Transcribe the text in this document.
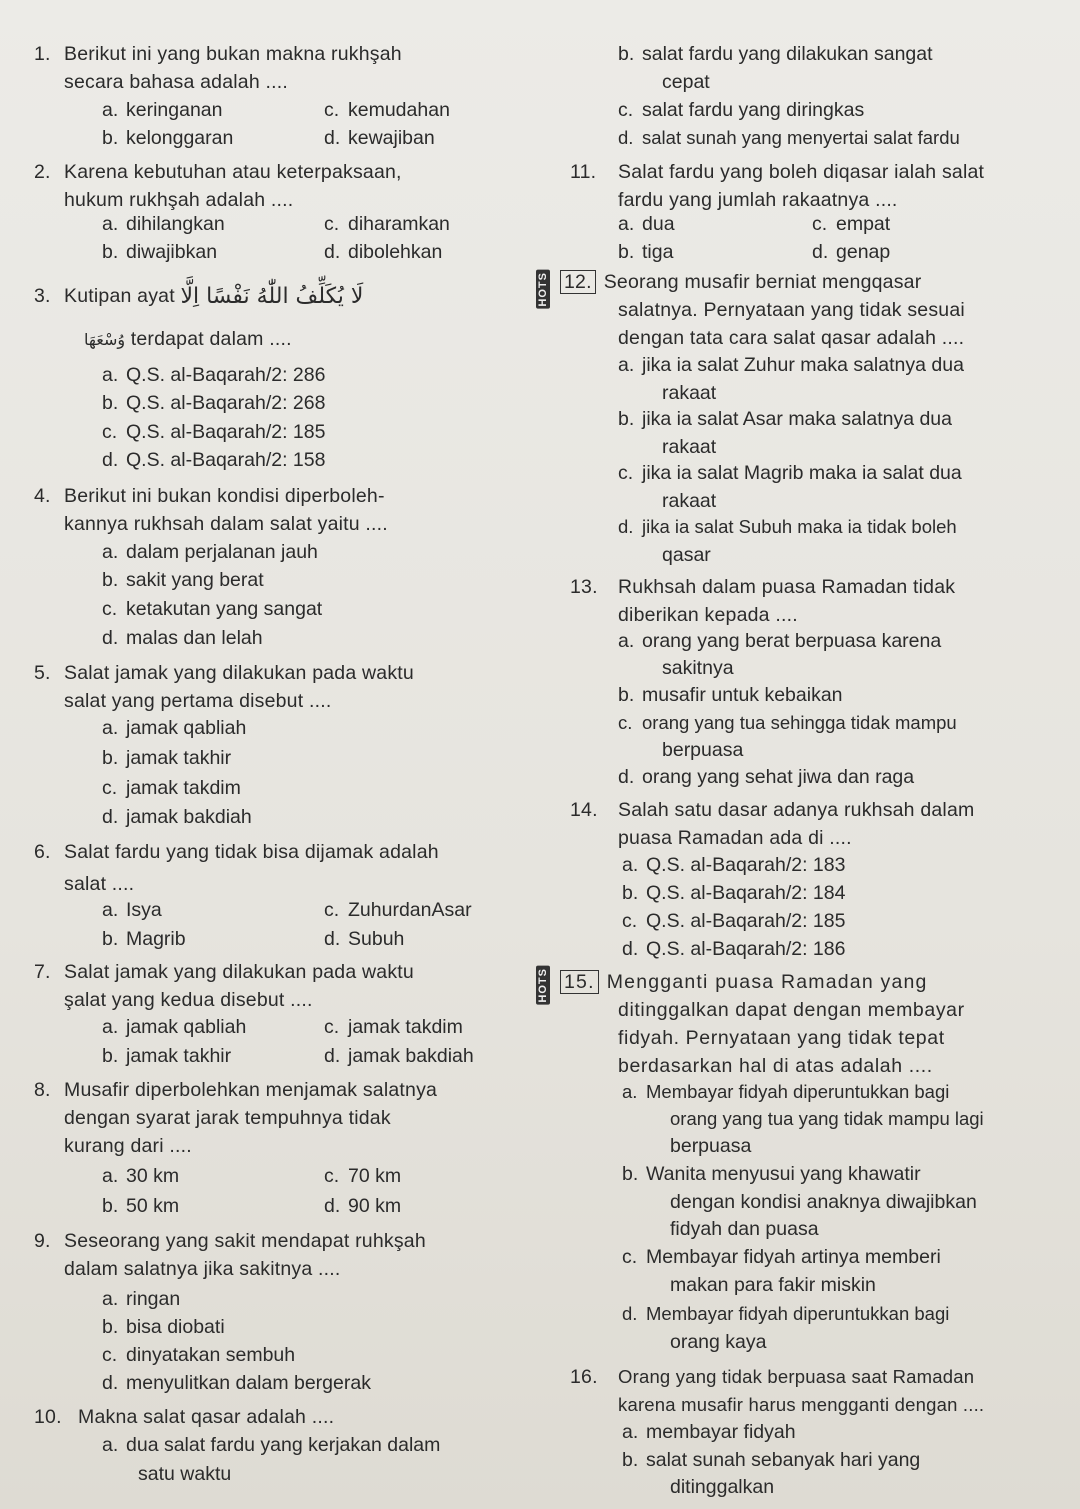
1. Berikut ini yang bukan makna rukhşah
secara bahasa adalah ....
a. keringanan
b. kelonggaran
c. kemudahan
d. kewajiban
2. Karena kebutuhan atau keterpaksaan,
hukum rukhşah adalah ....
a. dihilangkan
b. diwajibkan
c. diharamkan
d. dibolehkan
3. Kutipan ayat لَا يُكَلِّفُ اللّٰهُ نَفْسًا اِلَّا
وُسْعَهَا terdapat dalam ....
a. Q.S. al-Baqarah/2: 286
b. Q.S. al-Baqarah/2: 268
c. Q.S. al-Baqarah/2: 185
d. Q.S. al-Baqarah/2: 158
4. Berikut ini bukan kondisi diperboleh-
kannya rukhsah dalam salat yaitu ....
a. dalam perjalanan jauh
b. sakit yang berat
c. ketakutan yang sangat
d. malas dan lelah
5. Salat jamak yang dilakukan pada waktu
salat yang pertama disebut ....
a. jamak qabliah
b. jamak takhir
c. jamak takdim
d. jamak bakdiah
6. Salat fardu yang tidak bisa dijamak adalah
salat ....
a. Isya
b. Magrib
c. ZuhurdanAsar
d. Subuh
7. Salat jamak yang dilakukan pada waktu
şalat yang kedua disebut ....
a. jamak qabliah
b. jamak takhir
c. jamak takdim
d. jamak bakdiah
8. Musafir diperbolehkan menjamak salatnya
dengan syarat jarak tempuhnya tidak
kurang dari ....
a. 30 km
b. 50 km
c. 70 km
d. 90 km
9. Seseorang yang sakit mendapat ruhkşah
dalam salatnya jika sakitnya ....
a. ringan
b. bisa diobati
c. dinyatakan sembuh
d. menyulitkan dalam bergerak
10. Makna salat qasar adalah ....
a. dua salat fardu yang kerjakan dalam
satu waktu
b. salat fardu yang dilakukan sangat
cepat
c. salat fardu yang diringkas
d. salat sunah yang menyertai salat fardu
11. Salat fardu yang boleh diqasar ialah salat
fardu yang jumlah rakaatnya ....
a. dua
b. tiga
c. empat
d. genap
HOTS 12. Seorang musafir berniat mengqasar
salatnya. Pernyataan yang tidak sesuai
dengan tata cara salat qasar adalah ....
a. jika ia salat Zuhur maka salatnya dua
rakaat
b. jika ia salat Asar maka salatnya dua
rakaat
c. jika ia salat Magrib maka ia salat dua
rakaat
d. jika ia salat Subuh maka ia tidak boleh
qasar
13. Rukhsah dalam puasa Ramadan tidak
diberikan kepada ....
a. orang yang berat berpuasa karena
sakitnya
b. musafir untuk kebaikan
c. orang yang tua sehingga tidak mampu
berpuasa
d. orang yang sehat jiwa dan raga
14. Salah satu dasar adanya rukhsah dalam
puasa Ramadan ada di ....
a. Q.S. al-Baqarah/2: 183
b. Q.S. al-Baqarah/2: 184
c. Q.S. al-Baqarah/2: 185
d. Q.S. al-Baqarah/2: 186
HOTS 15. Mengganti puasa Ramadan yang
ditinggalkan dapat dengan membayar
fidyah. Pernyataan yang tidak tepat
berdasarkan hal di atas adalah ....
a. Membayar fidyah diperuntukkan bagi
orang yang tua yang tidak mampu lagi
berpuasa
b. Wanita menyusui yang khawatir
dengan kondisi anaknya diwajibkan
fidyah dan puasa
c. Membayar fidyah artinya memberi
makan para fakir miskin
d. Membayar fidyah diperuntukkan bagi
orang kaya
16. Orang yang tidak berpuasa saat Ramadan
karena musafir harus mengganti dengan ....
a. membayar fidyah
b. salat sunah sebanyak hari yang
ditinggalkan
